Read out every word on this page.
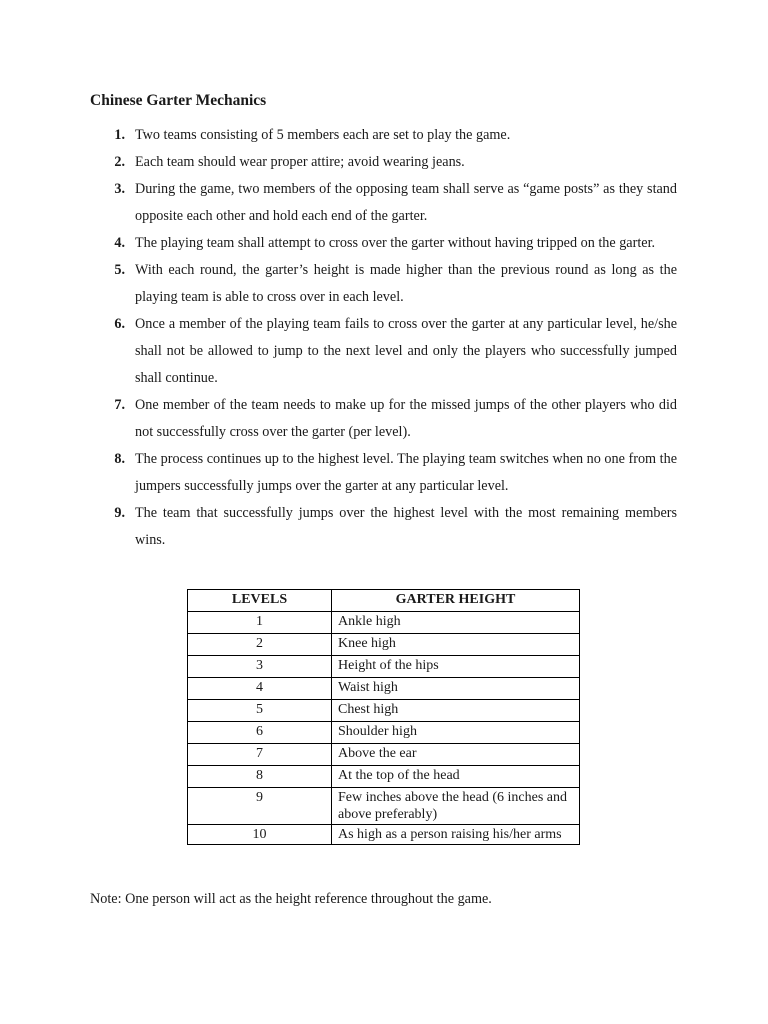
Chinese Garter Mechanics
1. Two teams consisting of 5 members each are set to play the game.
2. Each team should wear proper attire; avoid wearing jeans.
3. During the game, two members of the opposing team shall serve as “game posts” as they stand opposite each other and hold each end of the garter.
4. The playing team shall attempt to cross over the garter without having tripped on the garter.
5. With each round, the garter’s height is made higher than the previous round as long as the playing team is able to cross over in each level.
6. Once a member of the playing team fails to cross over the garter at any particular level, he/she shall not be allowed to jump to the next level and only the players who successfully jumped shall continue.
7. One member of the team needs to make up for the missed jumps of the other players who did not successfully cross over the garter (per level).
8. The process continues up to the highest level. The playing team switches when no one from the jumpers successfully jumps over the garter at any particular level.
9. The team that successfully jumps over the highest level with the most remaining members wins.
LEVELS	GARTER HEIGHT
1	Ankle high
2	Knee high
3	Height of the hips
4	Waist high
5	Chest high
6	Shoulder high
7	Above the ear
8	At the top of the head
9	Few inches above the head (6 inches and above preferably)
10	As high as a person raising his/her arms

Note: One person will act as the height reference throughout the game.
